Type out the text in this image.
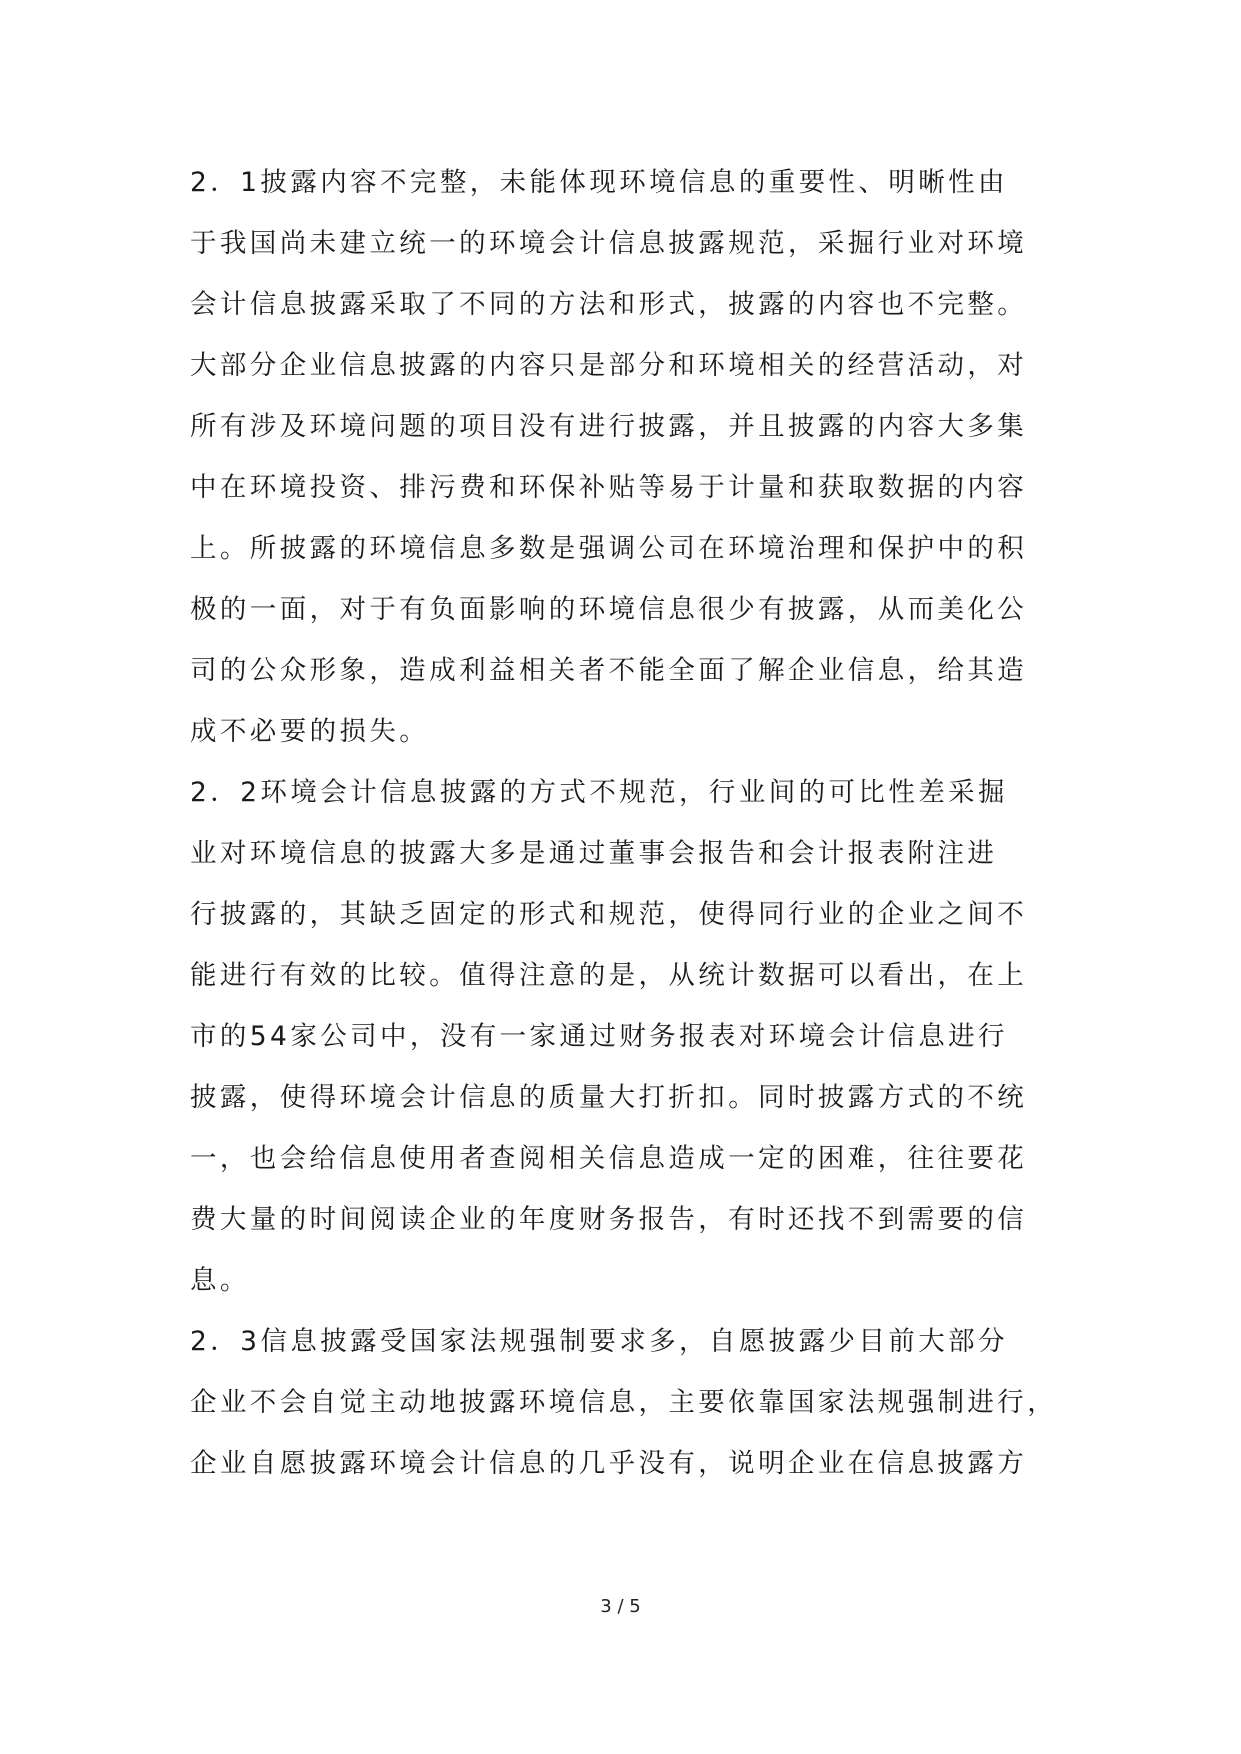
2．1披露内容不完整，未能体现环境信息的重要性、明晰性由
于我国尚未建立统一的环境会计信息披露规范，采掘行业对环境
会计信息披露采取了不同的方法和形式，披露的内容也不完整。
大部分企业信息披露的内容只是部分和环境相关的经营活动，对
所有涉及环境问题的项目没有进行披露，并且披露的内容大多集
中在环境投资、排污费和环保补贴等易于计量和获取数据的内容
上。所披露的环境信息多数是强调公司在环境治理和保护中的积
极的一面，对于有负面影响的环境信息很少有披露，从而美化公
司的公众形象，造成利益相关者不能全面了解企业信息，给其造
成不必要的损失。
2．2环境会计信息披露的方式不规范，行业间的可比性差采掘
业对环境信息的披露大多是通过董事会报告和会计报表附注进
行披露的，其缺乏固定的形式和规范，使得同行业的企业之间不
能进行有效的比较。值得注意的是，从统计数据可以看出，在上
市的54家公司中，没有一家通过财务报表对环境会计信息进行
披露，使得环境会计信息的质量大打折扣。同时披露方式的不统
一，也会给信息使用者查阅相关信息造成一定的困难，往往要花
费大量的时间阅读企业的年度财务报告，有时还找不到需要的信
息。
2．3信息披露受国家法规强制要求多，自愿披露少目前大部分
企业不会自觉主动地披露环境信息，主要依靠国家法规强制进行，
企业自愿披露环境会计信息的几乎没有，说明企业在信息披露方
3 / 5
